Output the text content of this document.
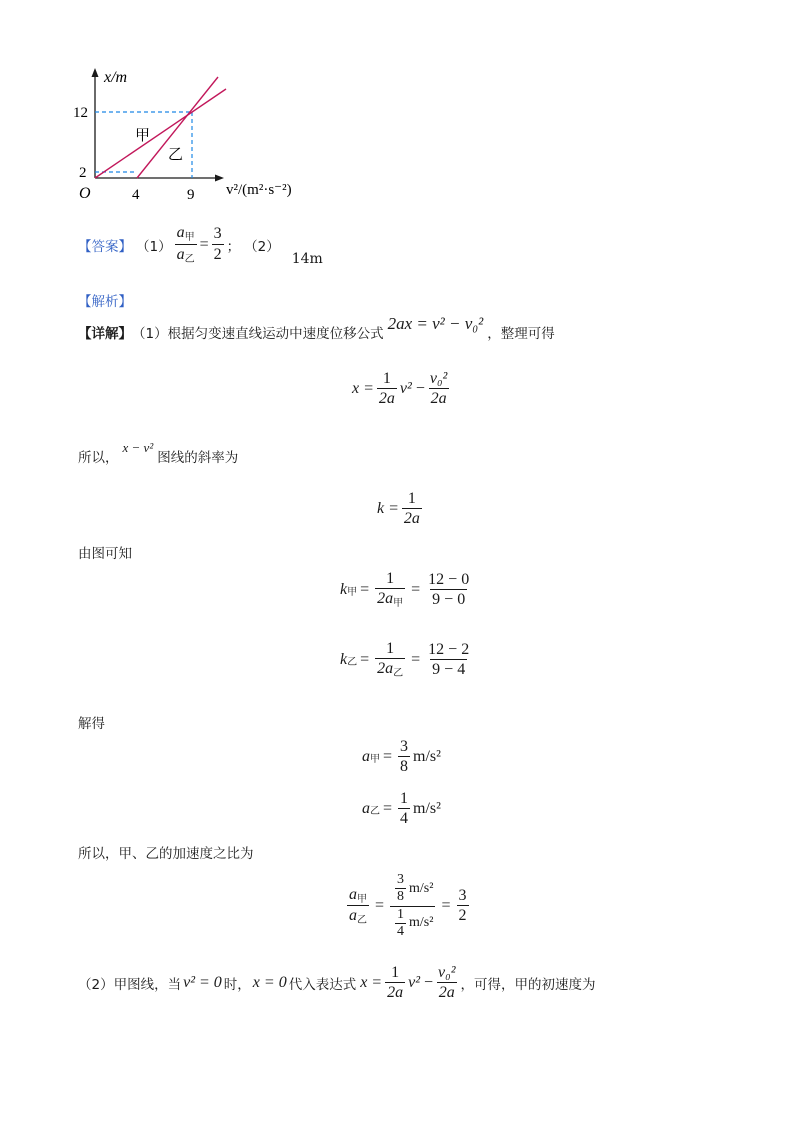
x/m
12
2
O	4	9 v²/(m²·s⁻²)
甲
乙
【答案】 $(1) \frac{a_甲}{a_乙} = \frac{3}{2}$ ； （2）
14m
【解析】
【详解】 （1）根据匀变速直线运动中速度位移公式
2ax = v² − v₀²
，整理可得
$x = \frac{1}{2a} v^2 - \frac{\text{v₀²}}{2a}$
所以，
x − v²
图线的斜率为
$k = \frac{1}{2a}$
由图可知
k 甲 = $\frac{1}{2a_甲} = \frac{12 - 0}{9 - 0}$
k 乙 = $\frac{1}{2a_乙} = \frac{12 - 2}{9 - 4}$
解得
a 甲 = $\frac{3}{8} m/s^2$
a 乙 = $\frac{1}{4} m/s^2$
所以，甲、乙的加速度之比为
$\frac{a_甲}{a_乙} = \frac{\frac{3}{8} m/s^2}{\frac{1}{4} m/s^2} = \frac{3}{2}$
（2）甲图线，当 v² = 0 时， x = 0 代入表达式 $x = \frac{1}{2a} v^2 - \frac{\text{v₀²}}{2a}$ ，可得，甲的初速度为
